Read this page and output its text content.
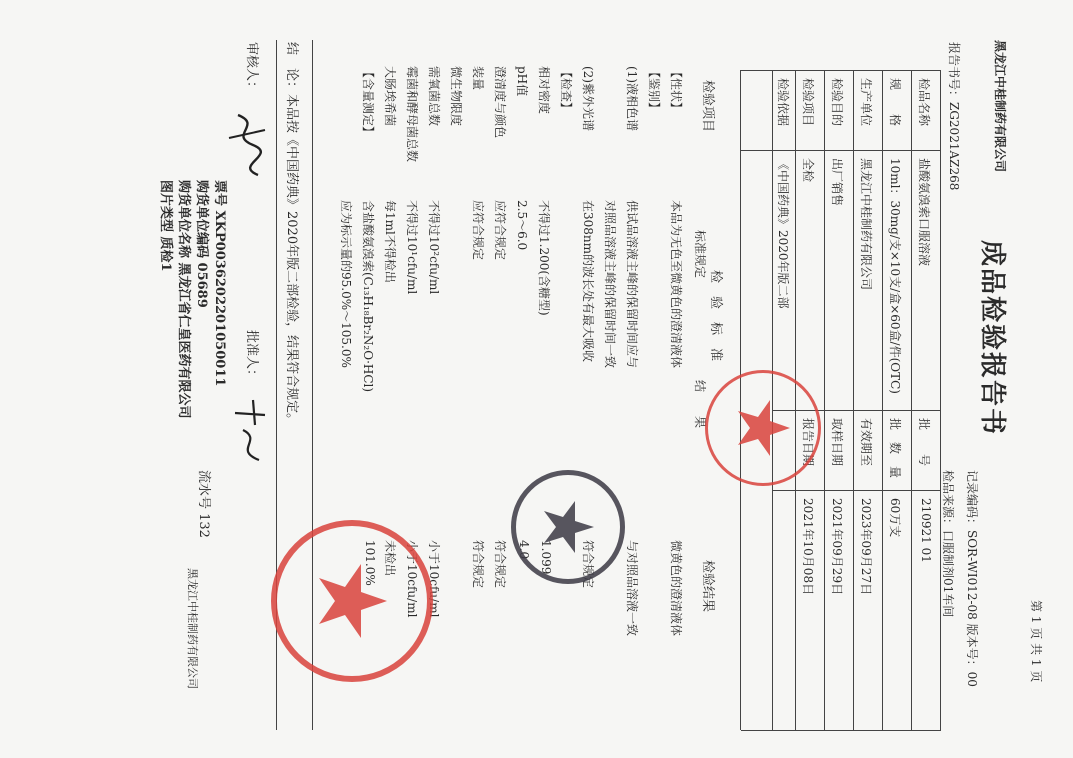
第 1 页 共 1 页
黑龙江中桂制药有限公司
成品检验报告书
记录编码：SOR-WI012-08 版本号：00
报告书号：ZG2021AZ268
检品来源：口服制剂01车间
检品名称
盐酸氨溴索口服溶液
批　　号
210921 01
规　　格
10ml：30mg/支×10支/盒×60盒/件(OTC)
批　数　量
60万支
生产单位
黑龙江中桂制药有限公司
有效期至
2023年09月27日
检验目的
出厂销售
取样日期
2021年09月29日
检验项目
全检
报告日期
2021年10月08日
检验依据
《中国药典》2020年版二部
检验项目
检　验　标　准
标准规定
结　　果
检验结果
【性状】
本品为无色至微黄色的澄清液体
微黄色的澄清液体
【鉴别】
(1)液相色谱
供试品溶液主峰的保留时间应与
与对照品溶液一致
对照品溶液主峰的保留时间一致
(2)紫外光谱
在308nm的波长处有最大吸收
符合规定
【检查】
相对密度
不得过1.200(含糖型)
1.099
pH值
2.5～6.0
4.0
澄清度与颜色
应符合规定
符合规定
装量
应符合规定
符合规定
微生物限度
需氧菌总数
不得过10²cfu/ml
小于10cfu/ml
霉菌和酵母菌总数
不得过10¹cfu/ml
小于10cfu/ml
大肠埃希菌
每1ml不得检出
未检出
【含量测定】
含盐酸氨溴索(C₁₃H₁₈Br₂N₂O·HCl)
101.0%
应为标示量的95.0%～105.0%
结　论：本品按《中国药典》2020年版二部检验，结果符合规定。
审核人：
批准人：
流水号 132
黑龙江中桂制药有限公司
票号 XKP0036202201050011
购货单位编码 05689
购货单位名称 黑龙江省仁皇医药有限公司
图片类型 质检1
